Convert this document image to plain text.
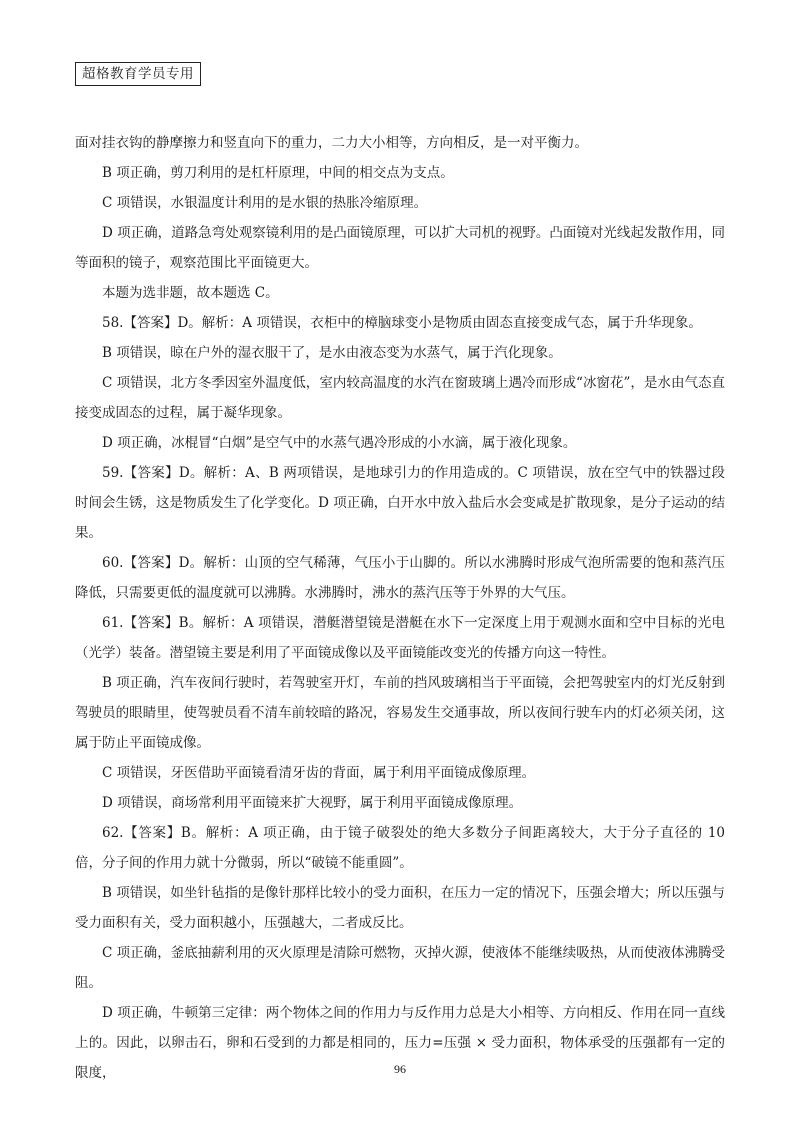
超格教育学员专用

面对挂衣钩的静摩擦力和竖直向下的重力，二力大小相等，方向相反，是一对平衡力。

B 项正确，剪刀利用的是杠杆原理，中间的相交点为支点。

C 项错误，水银温度计利用的是水银的热胀冷缩原理。

D 项正确，道路急弯处观察镜利用的是凸面镜原理，可以扩大司机的视野。凸面镜对光线起发散作用，同等面积的镜子，观察范围比平面镜更大。

本题为选非题，故本题选 C。

58.【答案】D。解析：A 项错误，衣柜中的樟脑球变小是物质由固态直接变成气态，属于升华现象。

B 项错误，晾在户外的湿衣服干了，是水由液态变为水蒸气，属于汽化现象。

C 项错误，北方冬季因室外温度低，室内较高温度的水汽在窗玻璃上遇冷而形成“冰窗花”，是水由气态直接变成固态的过程，属于凝华现象。

D 项正确，冰棍冒“白烟”是空气中的水蒸气遇冷形成的小水滴，属于液化现象。

59.【答案】D。解析：A、B 两项错误，是地球引力的作用造成的。C 项错误，放在空气中的铁器过段时间会生锈，这是物质发生了化学变化。D 项正确，白开水中放入盐后水会变咸是扩散现象，是分子运动的结果。

60.【答案】D。解析：山顶的空气稀薄，气压小于山脚的。所以水沸腾时形成气泡所需要的饱和蒸汽压降低，只需要更低的温度就可以沸腾。水沸腾时，沸水的蒸汽压等于外界的大气压。

61.【答案】B。解析：A 项错误，潜艇潜望镜是潜艇在水下一定深度上用于观测水面和空中目标的光电（光学）装备。潜望镜主要是利用了平面镜成像以及平面镜能改变光的传播方向这一特性。

B 项正确，汽车夜间行驶时，若驾驶室开灯，车前的挡风玻璃相当于平面镜，会把驾驶室内的灯光反射到驾驶员的眼睛里，使驾驶员看不清车前较暗的路况，容易发生交通事故，所以夜间行驶车内的灯必须关闭，这属于防止平面镜成像。

C 项错误，牙医借助平面镜看清牙齿的背面，属于利用平面镜成像原理。

D 项错误，商场常利用平面镜来扩大视野，属于利用平面镜成像原理。

62.【答案】B。解析：A 项正确，由于镜子破裂处的绝大多数分子间距离较大，大于分子直径的 10 倍，分子间的作用力就十分微弱，所以“破镜不能重圆”。

B 项错误，如坐针毡指的是像针那样比较小的受力面积，在压力一定的情况下，压强会增大；所以压强与受力面积有关，受力面积越小，压强越大，二者成反比。

C 项正确，釜底抽薪利用的灭火原理是清除可燃物，灭掉火源，使液体不能继续吸热，从而使液体沸腾受阻。

D 项正确，牛顿第三定律：两个物体之间的作用力与反作用力总是大小相等、方向相反、作用在同一直线上的。因此，以卵击石，卵和石受到的力都是相同的，压力=压强 × 受力面积，物体承受的压强都有一定的限度，	96
